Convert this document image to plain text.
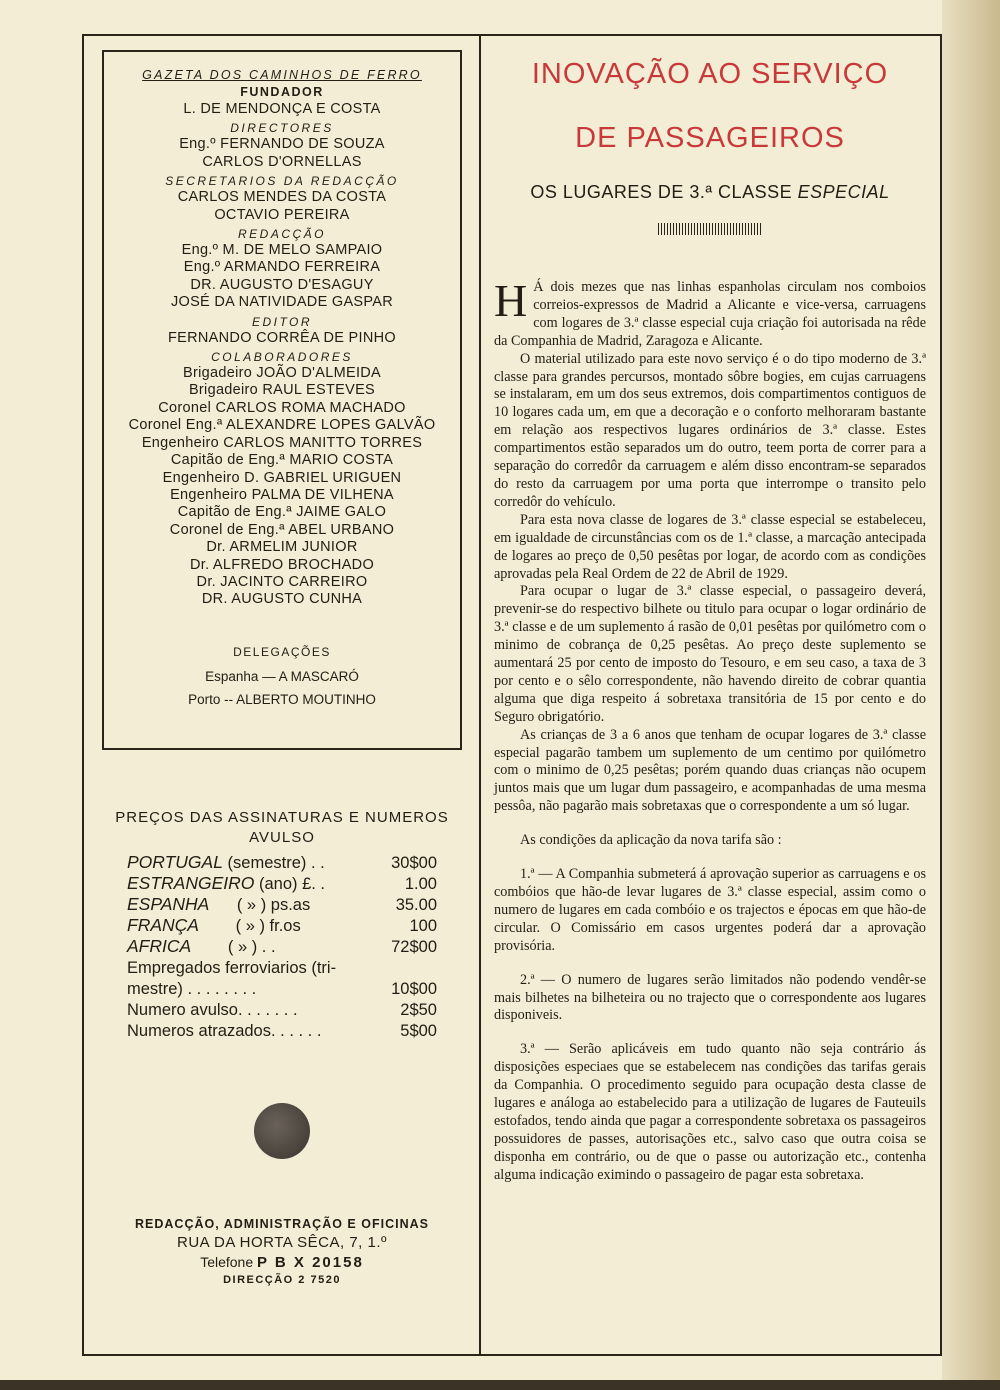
GAZETA DOS CAMINHOS DE FERRO

FUNDADOR

L. DE MENDONÇA E COSTA

DIRECTORES

Eng.º FERNANDO DE SOUZA

CARLOS D'ORNELLAS

SECRETARIOS DA REDACÇÃO

CARLOS MENDES DA COSTA

OCTAVIO PEREIRA

REDACÇÃO

Eng.º M. DE MELO SAMPAIO

Eng.º ARMANDO FERREIRA

DR. AUGUSTO D'ESAGUY

JOSÉ DA NATIVIDADE GASPAR

EDITOR

FERNANDO CORRÊA DE PINHO

COLABORADORES

Brigadeiro JOÃO D'ALMEIDA

Brigadeiro RAUL ESTEVES

Coronel CARLOS ROMA MACHADO

Coronel Eng.ª ALEXANDRE LOPES GALVÃO

Engenheiro CARLOS MANITTO TORRES

Capitão de Eng.ª MARIO COSTA

Engenheiro D. GABRIEL URIGUEN

Engenheiro PALMA DE VILHENA

Capitão de Eng.ª JAIME GALO

Coronel de Eng.ª ABEL URBANO

Dr. ARMELIM JUNIOR

Dr. ALFREDO BROCHADO

Dr. JACINTO CARREIRO

DR. AUGUSTO CUNHA

DELEGAÇÕES

Espanha — A MASCARÓ

Porto -- ALBERTO MOUTINHO

PREÇOS DAS ASSINATURAS E NUMEROS
AVULSO

PORTUGAL (semestre) . .	30$00
ESTRANGEIRO (ano) £. .	1.00
ESPANHA      ( » ) ps.as	35.00
FRANÇA        ( » ) fr.os	100
AFRICA        ( » ) . .	72$00
Empregados ferroviarios (tri-	
mestre) . . . . . . . .	10$00
Numero avulso. . . . . . .	2$50
Numeros atrazados. . . . . .	5$00

REDACÇÃO, ADMINISTRAÇÃO E OFICINAS

RUA DA HORTA SÊCA, 7, 1.º

Telefone P B X 20158

DIRECÇÃO 2 7520

INOVAÇÃO AO SERVIÇO

DE PASSAGEIROS

OS LUGARES DE 3.ª CLASSE ESPECIAL

H Á dois mezes que nas linhas espanholas circulam nos comboios correios-expressos de Madrid a Alicante e vice-versa, carruagens com logares de 3.ª classe especial cuja criação foi autorisada na rêde da Companhia de Madrid, Zaragoza e Alicante.

O material utilizado para este novo serviço é o do tipo moderno de 3.ª classe para grandes percursos, montado sôbre bogies, em cujas carruagens se instalaram, em um dos seus extremos, dois compartimentos contiguos de 10 logares cada um, em que a decoração e o conforto melhoraram bastante em relação aos respectivos lugares ordinários de 3.ª classe. Estes compartimentos estão separados um do outro, teem porta de correr para a separação do corredôr da carruagem e além disso encontram-se separados do resto da carruagem por uma porta que interrompe o transito pelo corredôr do vehículo.

Para esta nova classe de logares de 3.ª classe especial se estabeleceu, em igualdade de circunstâncias com os de 1.ª classe, a marcação antecipada de logares ao preço de 0,50 pesêtas por logar, de acordo com as condições aprovadas pela Real Ordem de 22 de Abril de 1929.

Para ocupar o lugar de 3.ª classe especial, o passageiro deverá, prevenir-se do respectivo bilhete ou titulo para ocupar o logar ordinário de 3.ª classe e de um suplemento á rasão de 0,01 pesêtas por quilómetro com o minimo de cobrança de 0,25 pesêtas. Ao preço deste suplemento se aumentará 25 por cento de imposto do Tesouro, e em seu caso, a taxa de 3 por cento e o sêlo correspondente, não havendo direito de cobrar quantia alguma que diga respeito á sobretaxa transitória de 15 por cento e do Seguro obrigatório.

As crianças de 3 a 6 anos que tenham de ocupar logares de 3.ª classe especial pagarão tambem um suplemento de um centimo por quilómetro com o minimo de 0,25 pesêtas; porém quando duas crianças não ocupem juntos mais que um lugar dum passageiro, e acompanhadas de uma mesma pessôa, não pagarão mais sobretaxas que o correspondente a um só lugar.

As condições da aplicação da nova tarifa são :

1.ª — A Companhia submeterá á aprovação superior as carruagens e os combóios que hão-de levar lugares de 3.ª classe especial, assim como o numero de lugares em cada combóio e os trajectos e épocas em que hão-de circular. O Comissário em casos urgentes poderá dar a aprovação provisória.

2.ª — O numero de lugares serão limitados não podendo vendêr-se mais bilhetes na bilheteira ou no trajecto que o correspondente aos lugares disponiveis.

3.ª — Serão aplicáveis em tudo quanto não seja contrário ás disposições especiaes que se estabelecem nas condições das tarifas gerais da Companhia. O procedimento seguido para ocupação desta classe de lugares e análoga ao estabelecido para a utilização de lugares de Fauteuils estofados, tendo ainda que pagar a correspondente sobretaxa os passageiros possuidores de passes, autorisações etc., salvo caso que outra coisa se disponha em contrário, ou de que o passe ou autorização etc., contenha alguma indicação eximindo o passageiro de pagar esta sobretaxa.
